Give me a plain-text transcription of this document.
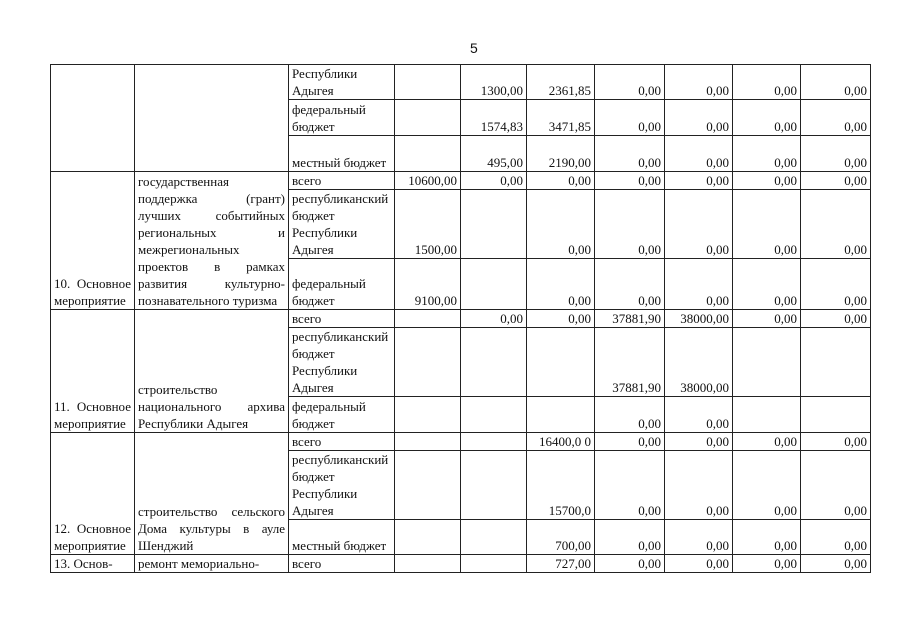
5
		Республики Адыгея		1300,00	2361,85	0,00	0,00	0,00	0,00
		федеральный бюджет		1574,83	3471,85	0,00	0,00	0,00	0,00
		местный бюджет		495,00	2190,00	0,00	0,00	0,00	0,00
10. Основное мероприятие	государственная поддержка (грант) лучших событийных региональных и межрегиональных проектов в рамках развития культурно-познавательного туризма	всего	10600,00	0,00	0,00	0,00	0,00	0,00	0,00
		республиканский бюджет Республики Адыгея	1500,00		0,00	0,00	0,00	0,00	0,00
		федеральный бюджет	9100,00		0,00	0,00	0,00	0,00	0,00
11. Основное мероприятие	строительство национального архива Республики Адыгея	всего		0,00	0,00	37881,90	38000,00	0,00	0,00
		республиканский бюджет Республики Адыгея				37881,90	38000,00		
		федеральный бюджет				0,00	0,00		
12. Основное мероприятие	строительство сельского Дома культуры в ауле Шенджий	всего			16400,0 0	0,00	0,00	0,00	0,00
		республиканский бюджет Республики Адыгея			15700,0	0,00	0,00	0,00	0,00
		местный бюджет			700,00	0,00	0,00	0,00	0,00
13. Основ-	ремонт мемориально-	всего			727,00	0,00	0,00	0,00	0,00
